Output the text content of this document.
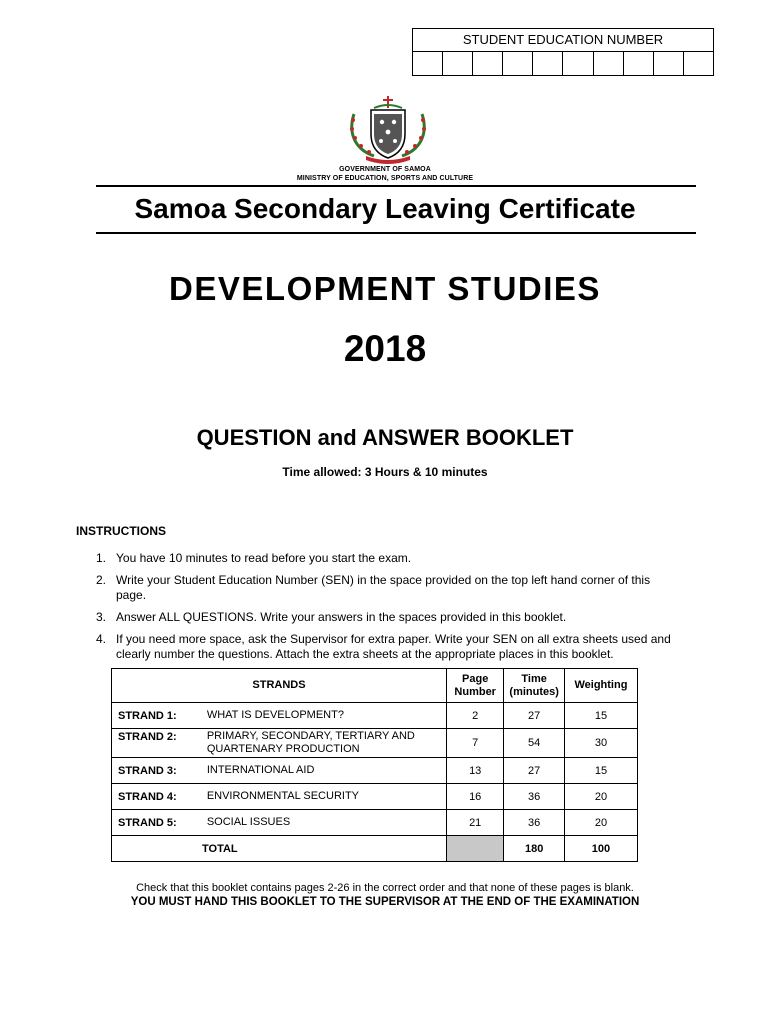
STUDENT EDUCATION NUMBER
GOVERNMENT OF SAMOA
MINISTRY OF EDUCATION, SPORTS AND CULTURE
Samoa Secondary Leaving Certificate
DEVELOPMENT STUDIES
2018
QUESTION and ANSWER BOOKLET
Time allowed: 3 Hours & 10 minutes
INSTRUCTIONS
1. You have 10 minutes to read before you start the exam.
2. Write your Student Education Number (SEN) in the space provided on the top left hand corner of this page.
3. Answer ALL QUESTIONS. Write your answers in the spaces provided in this booklet.
4. If you need more space, ask the Supervisor for extra paper. Write your SEN on all extra sheets used and clearly number the questions. Attach the extra sheets at the appropriate places in this booklet.
STRANDS		Page Number	Time (minutes)	Weighting
STRAND 1:	WHAT IS DEVELOPMENT?	2	27	15
STRAND 2:	PRIMARY, SECONDARY, TERTIARY AND QUARTENARY PRODUCTION	7	54	30
STRAND 3:	INTERNATIONAL AID	13	27	15
STRAND 4:	ENVIRONMENTAL SECURITY	16	36	20
STRAND 5:	SOCIAL ISSUES	21	36	20
TOTAL			180	100
Check that this booklet contains pages 2-26 in the correct order and that none of these pages is blank.
YOU MUST HAND THIS BOOKLET TO THE SUPERVISOR AT THE END OF THE EXAMINATION
